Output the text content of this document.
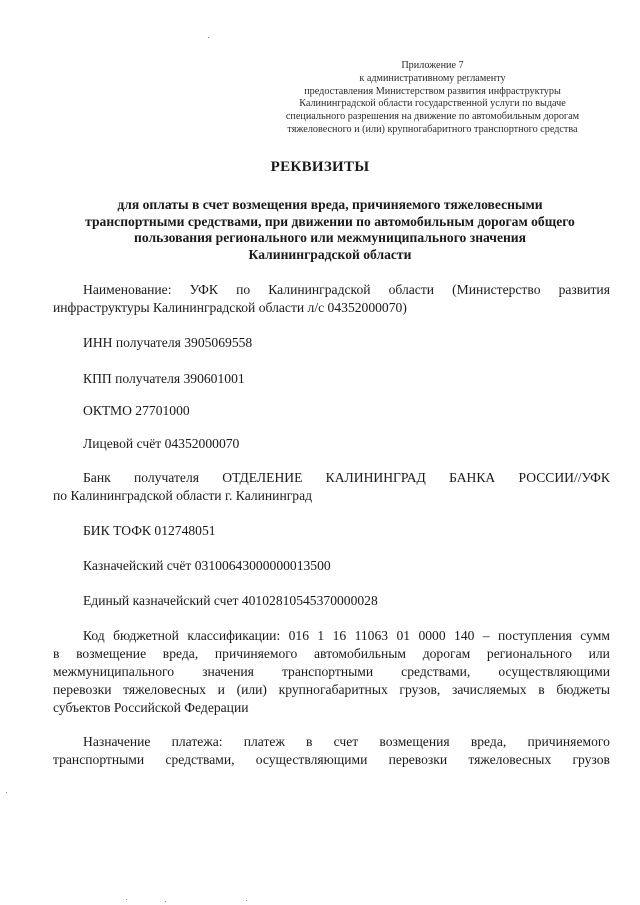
Приложение 7
к административному регламенту
предоставления Министерством развития инфраструктуры
Калининградской области государственной услуги по выдаче
специального разрешения на движение по автомобильным дорогам
тяжеловесного и (или) крупногабаритного транспортного средства
РЕКВИЗИТЫ
для оплаты в счет возмещения вреда, причиняемого тяжеловесными
транспортными средствами, при движении по автомобильным дорогам общего
пользования регионального или межмуниципального значения
Калининградской области
Наименование: УФК по Калининградской области (Министерство развития
инфраструктуры Калининградской области л/с 04352000070)
ИНН получателя 3905069558
КПП получателя 390601001
ОКТМО 27701000
Лицевой счёт 04352000070
Банк получателя ОТДЕЛЕНИЕ КАЛИНИНГРАД БАНКА РОССИИ//УФК
по Калининградской области г. Калининград
БИК ТОФК 012748051
Казначейский счёт 03100643000000013500
Единый казначейский счет 40102810545370000028
Код бюджетной классификации: 016 1 16 11063 01 0000 140 – поступления сумм
в возмещение вреда, причиняемого автомобильным дорогам регионального или
межмуниципального значения транспортными средствами, осуществляющими
перевозки тяжеловесных и (или) крупногабаритных грузов, зачисляемых в бюджеты
субъектов Российской Федерации
Назначение платежа: платеж в счет возмещения вреда, причиняемого
транспортными средствами, осуществляющими перевозки тяжеловесных грузов
